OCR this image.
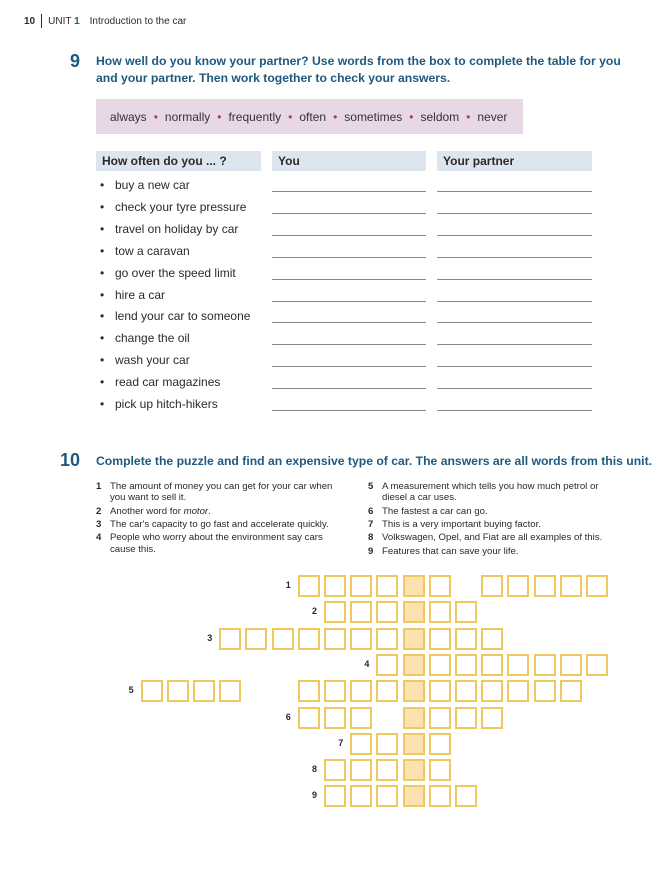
10 UNIT 1 Introduction to the car
9 How well do you know your partner? Use words from the box to complete the table for you
and your partner. Then work together to check your answers.
always • normally • frequently • often • sometimes • seldom • never
How often do you ... ?	You	Your partner
• buy a new car
• check your tyre pressure
• travel on holiday by car
• tow a caravan
• go over the speed limit
• hire a car
• lend your car to someone
• change the oil
• wash your car
• read car magazines
• pick up hitch-hikers
10 Complete the puzzle and find an expensive type of car. The answers are all words from this unit.
1 The amount of money you can get for your car when
you want to sell it.
2 Another word for motor.
3 The car's capacity to go fast and accelerate quickly.
4 People who worry about the environment say cars
cause this.
5 A measurement which tells you how much petrol or
diesel a car uses.
6 The fastest a car can go.
7 This is a very important buying factor.
8 Volkswagen, Opel, and Fiat are all examples of this.
9 Features that can save your life.
1
2
3
4
5
6
7
8
9
